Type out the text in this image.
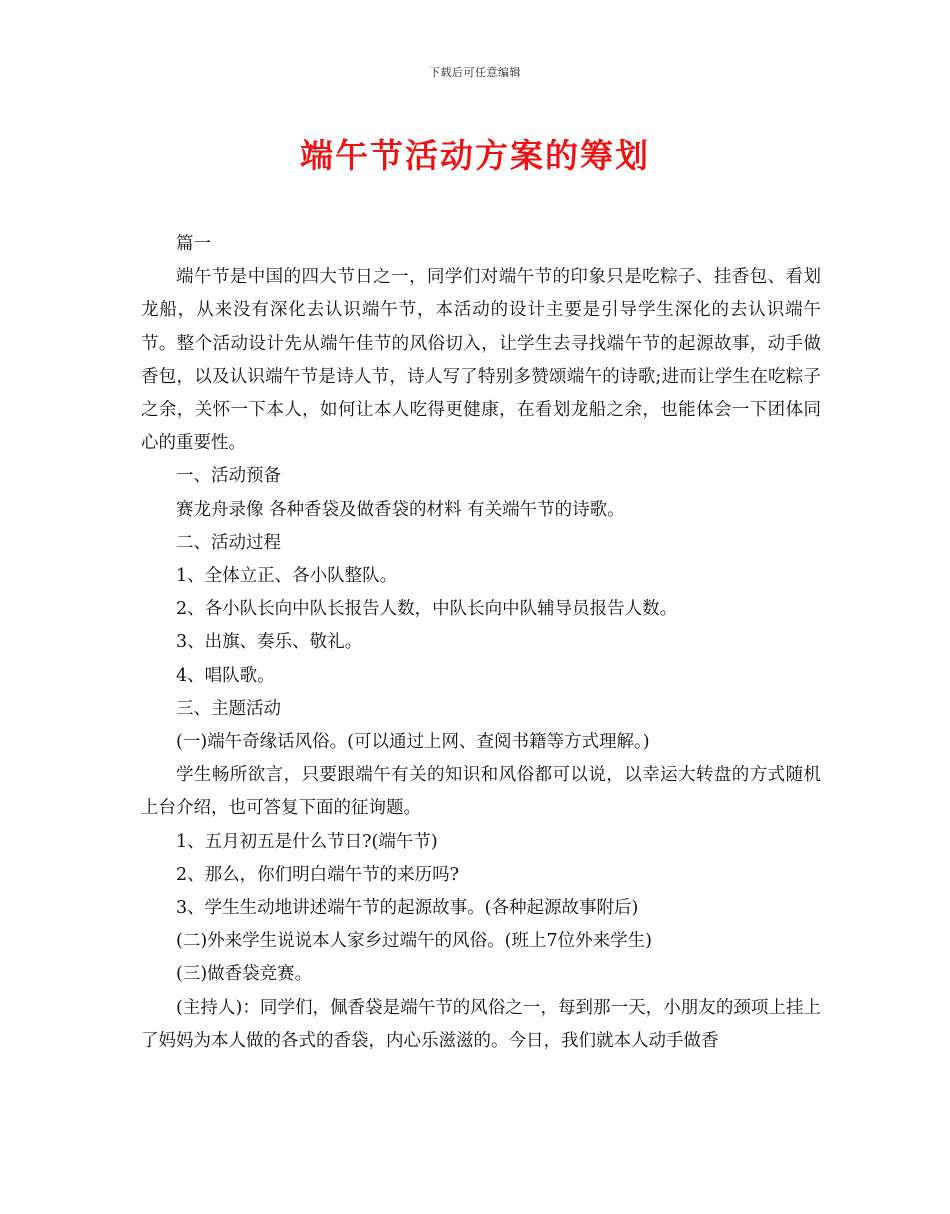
下载后可任意编辑
端午节活动方案的筹划

篇一

端午节是中国的四大节日之一，同学们对端午节的印象只是吃粽子、挂香包、看划龙船，从来没有深化去认识端午节，本活动的设计主要是引导学生深化的去认识端午节。整个活动设计先从端午佳节的风俗切入，让学生去寻找端午节的起源故事，动手做香包，以及认识端午节是诗人节，诗人写了特别多赞颂端午的诗歌;进而让学生在吃粽子之余，关怀一下本人，如何让本人吃得更健康，在看划龙船之余，也能体会一下团体同心的重要性。

一、活动预备

赛龙舟录像 各种香袋及做香袋的材料 有关端午节的诗歌。

二、活动过程

1、全体立正、各小队整队。

2、各小队长向中队长报告人数，中队长向中队辅导员报告人数。

3、出旗、奏乐、敬礼。

4、唱队歌。

三、主题活动

(一)端午奇缘话风俗。(可以通过上网、查阅书籍等方式理解。)

学生畅所欲言，只要跟端午有关的知识和风俗都可以说，以幸运大转盘的方式随机上台介绍，也可答复下面的征询题。

1、五月初五是什么节日?(端午节)

2、那么，你们明白端午节的来历吗?

3、学生生动地讲述端午节的起源故事。(各种起源故事附后)

(二)外来学生说说本人家乡过端午的风俗。(班上7位外来学生)

(三)做香袋竞赛。

(主持人)：同学们，佩香袋是端午节的风俗之一，每到那一天，小朋友的颈项上挂上了妈妈为本人做的各式的香袋，内心乐滋滋的。今日，我们就本人动手做香
